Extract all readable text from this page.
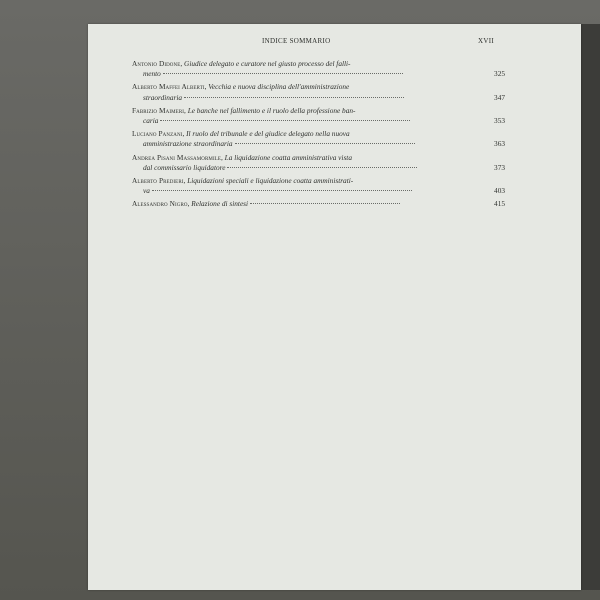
INDICE SOMMARIO	XVII
Antonio Didone, Giudice delegato e curatore nel giusto processo del falli-
mento	325
Alberto Maffei Alberti, Vecchia e nuova disciplina dell'amministrazione
straordinaria	347
Fabrizio Maimeri, Le banche nel fallimento e il ruolo della professione ban-
caria	353
Luciano Panzani, Il ruolo del tribunale e del giudice delegato nella nuova
amministrazione straordinaria	363
Andrea Pisani Massamormile, La liquidazione coatta amministrativa vista
dal commissario liquidatore	373
Alberto Predieri, Liquidazioni speciali e liquidazione coatta amministrati-
va	403
Alessandro Nigro, Relazione di sintesi	415
